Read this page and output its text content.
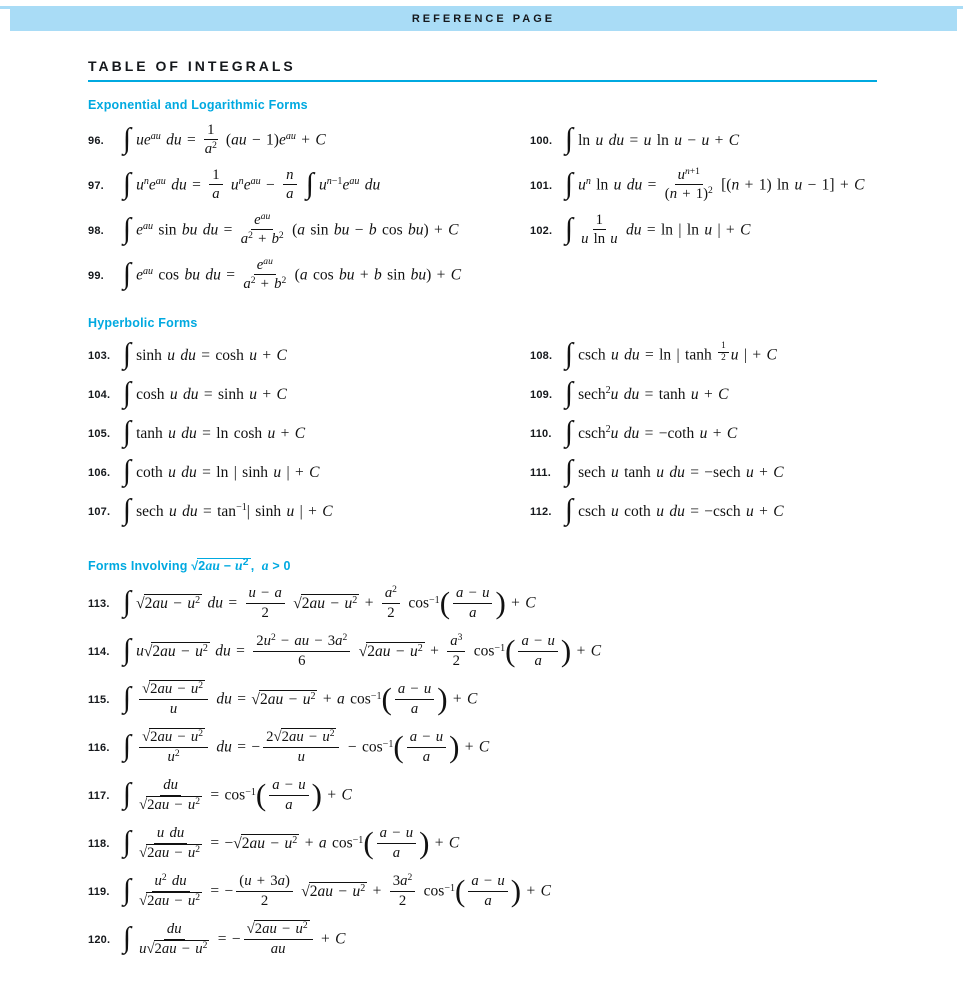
REFERENCE PAGE
TABLE OF INTEGRALS
Exponential and Logarithmic Forms
96. ∫ $ue^{au}$ du = $\frac{1}{a^2} (au - 1)e^{au} + C$
97. ∫ $u^ne^{au}$ du = $\frac{1}{a} u^ne^{au} - \frac{n}{a}$ ∫ $u^{n-1}e^{au}$ du
98. ∫ $e^{au}$ sin bu du =
$e^{au}$
$a^2 + b^2$ (a sin bu − b cos bu) + C
99. ∫ $e^{au}$ cos bu du =
$e^{au}$
$a^2 + b^2$ (a cos bu + b sin bu) + C
100. ∫ ln u du = u ln u − u + C
101. ∫ $u^n$ ln u du = $\frac{u^{n+1}}{(n + 1)^2} [(n + 1)$ ln u − 1] + C
102. ∫ $\frac{1}{\text{u ln u}}$ du = ln | ln u | + C
Hyperbolic Forms
103. ∫ sinh u du = cosh u + C
104. ∫ cosh u du = sinh u + C
105. ∫ tanh u du = ln cosh u + C
106. ∫ coth u du = ln | sinh u | + C
107. ∫ sech u du = $\tan^{-1}|$ sinh u | + C
108. ∫ csch u du = ln | $\tanh \frac{1}{2}$ u | + C
109. ∫ sech$^2$u du = tanh u + C
110. ∫ csch$^2$u du = −coth u + C
111. ∫ sech u tanh u du = −sech u + C
112. ∫ csch u coth u du = −csch u + C
Forms Involving $√2au - u^2$ ,  a > 0
113. ∫ $√2au - u^2$ du = $\frac{u - a}{2} √2au - u^2 + \frac{a^2}{2} \cos^{-1}( \frac{a - u}{a}$ ) + C
114. ∫ $u√2au - u^2$ du = $\frac{2u^2 - au - 3a^2}{6} √2au - u^2 + \frac{a^3}{2} \cos^{-1}( \frac{a - u}{a}$ ) + C
115. ∫ $\frac{√2au - u^2}{u}$ du = $√2au - u^2 + a$ $\cos^{-1}( \frac{a - u}{a}$ ) + C
116. ∫ $\frac{√2au - u^2}{u^2}$ du = − $\frac{2√2au - u^2}{u} - \cos^{-1}( \frac{a - u}{a}$ ) + C
117. ∫ $\frac{du}{√2au - u^2} = \cos^{-1}( \frac{a - u}{a}$ ) + C
118. ∫ $\frac{\text{u du}}{√2au - u^2} = -√2au - u^2 + a$ $\cos^{-1}( \frac{a - u}{a}$ ) + C
119. ∫ $\frac{u^2 du}{√2au - u^2}$ = − $\frac{(u + 3a)}{2} √2au - u^2 + \frac{3a^2}{2} \cos^{-1}( \frac{a - u}{a}$ ) + C
120. ∫ $\frac{du}{u√2au - u^2}$ = − $\frac{√2au - u^2}{au} + C$
